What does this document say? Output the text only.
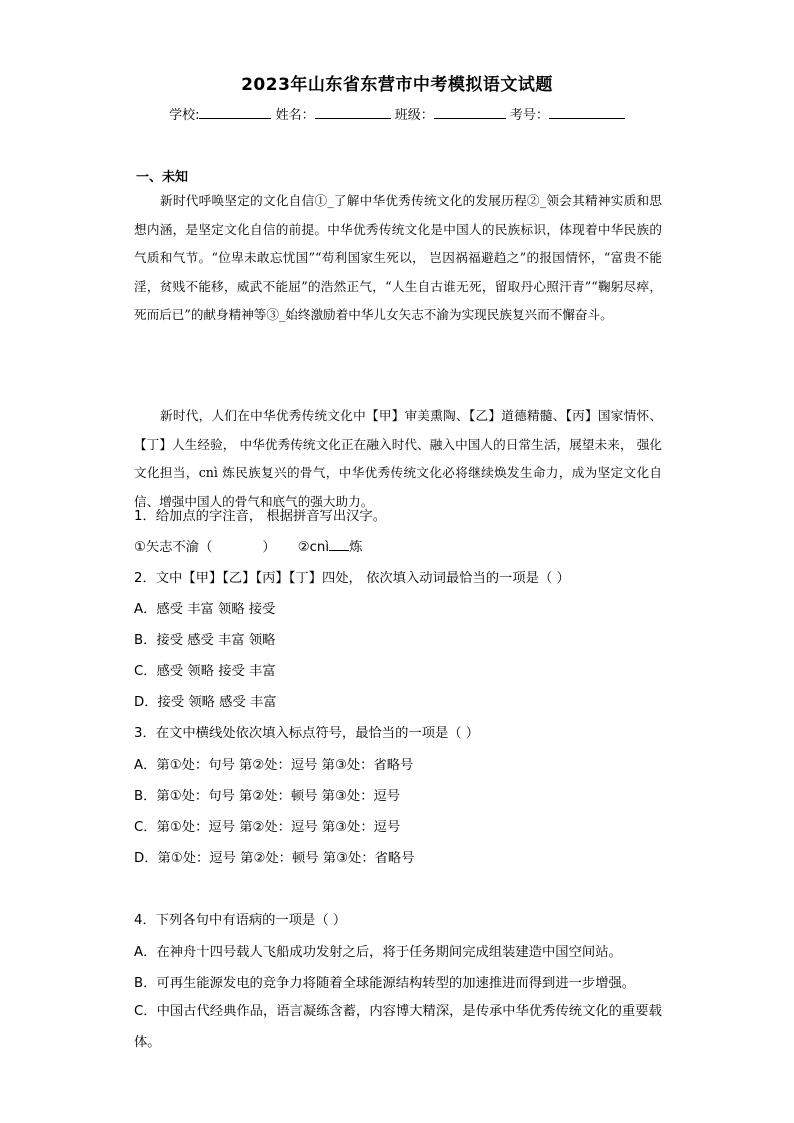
2023年山东省东营市中考模拟语文试题
学校:	姓名：	班级：	考号：
一、未知

新时代呼唤坚定的文化自信①_了解中华优秀传统文化的发展历程②_领会其精神实质和思想内涵，是坚定文化自信的前提。中华优秀传统文化是中国人的民族标识，体现着中华民族的气质和气节。“位卑未敢忘忧国”“苟利国家生死以， 岂因祸福避趋之”的报国情怀，“富贵不能淫，贫贱不能移，威武不能屈”的浩然正气，“人生自古谁无死，留取丹心照汗青”“鞠躬尽瘁，死而后已”的献身精神等③_始终激励着中华儿女矢志不渝为实现民族复兴而不懈奋斗。

新时代，人们在中华优秀传统文化中【甲】审美熏陶、【乙】道德精髓、【丙】国家情怀、【丁】人生经验， 中华优秀传统文化正在融入时代、融入中国人的日常生活，展望未来， 强化文化担当，cnì 炼民族复兴的骨气，中华优秀传统文化必将继续焕发生命力，成为坚定文化自信、增强中国人的骨气和底气的强大助力。

1．给加点的字注音， 根据拼音写出汉字。
①矢志不渝（	） ②cnì 炼
2．文中【甲】【乙】【丙】【丁】四处， 依次填入动词最恰当的一项是（ ）
A．感受 丰富 领略 接受
B．接受 感受 丰富 领略
C．感受 领略 接受 丰富
D．接受 领略 感受 丰富
3．在文中横线处依次填入标点符号，最恰当的一项是（ ）
A．第①处：句号 第②处：逗号 第③处：省略号
B．第①处：句号 第②处：顿号 第③处：逗号
C．第①处：逗号 第②处：逗号 第③处：逗号
D．第①处：逗号 第②处：顿号 第③处：省略号
4．下列各句中有语病的一项是（ ）
A．在神舟十四号载人飞船成功发射之后，将于任务期间完成组装建造中国空间站。
B．可再生能源发电的竞争力将随着全球能源结构转型的加速推进而得到进一步增强。
C．中国古代经典作品，语言凝练含蓄，内容博大精深，是传承中华优秀传统文化的重要载体。
